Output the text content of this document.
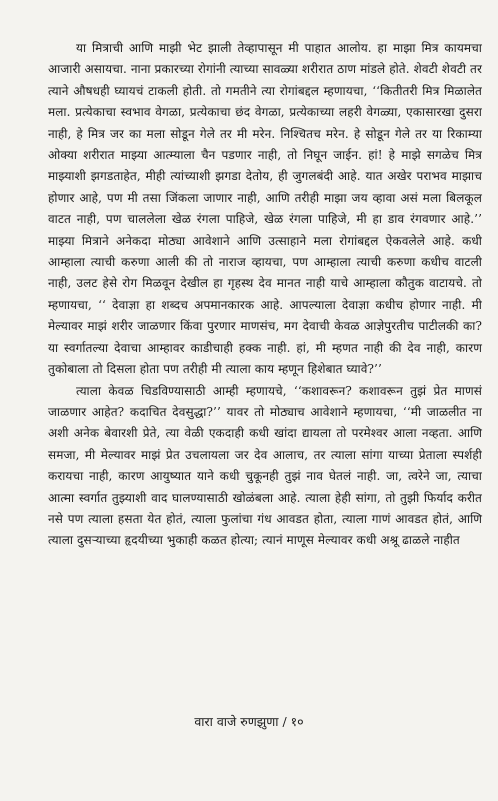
या मित्राची आणि माझी भेट झाली तेव्हापासून मी पाहात आलोय. हा माझा मित्र कायमचा आजारी असायचा. नाना प्रकारच्या रोगांनी त्याच्या सावळ्या शरीरात ठाण मांडले होते. शेवटी शेवटी तर त्याने औषधही घ्यायचं टाकली होती. तो गमतीने त्या रोगांबद्दल म्हणायचा, ‘‘कितीतरी मित्र मिळालेत मला. प्रत्येकाचा स्वभाव वेगळा, प्रत्येकाचा छंद वेगळा, प्रत्येकाच्या लहरी वेगळ्या, एकासारखा दुसरा नाही, हे मित्र जर का मला सोडून गेले तर मी मरेन. निश्चितच मरेन. हे सोडून गेले तर या रिकाम्या ओक्या शरीरात माझ्या आत्म्याला चैन पडणार नाही, तो निघून जाईन. हां! हे माझे सगळेच मित्र माझ्याशी झगडताहेत, मीही त्यांच्याशी झगडा देतोय, ही जुगलबंदी आहे. यात अखेर पराभव माझाच होणार आहे, पण मी तसा जिंकला जाणार नाही, आणि तरीही माझा जय व्हावा असं मला बिलकूल वाटत नाही, पण चाललेला खेळ रंगला पाहिजे, खेळ रंगला पाहिजे, मी हा डाव रंगवणार आहे.’’ माझ्या मित्राने अनेकदा मोठ्या आवेशाने आणि उत्साहाने मला रोगांबद्दल ऐकवलेले आहे. कधी आम्हाला त्याची करुणा आली की तो नाराज व्हायचा, पण आम्हाला त्याची करुणा कधीच वाटली नाही, उलट हेसे रोग मिळवून देखील हा गृहस्थ देव मानत नाही याचे आम्हाला कौतुक वाटायचे. तो म्हणायचा, ‘‘ देवाज्ञा हा शब्दच अपमानकारक आहे. आपल्याला देवाज्ञा कधीच होणार नाही. मी मेल्यावर माझं शरीर जाळणार किंवा पुरणार माणसंच, मग देवाची केवळ आज्ञेपुरतीच पाटीलकी का? या स्वर्गातल्या देवाचा आम्हावर काडीचाही हक्क नाही. हां, मी म्हणत नाही की देव नाही, कारण तुकोबाला तो दिसला होता पण तरीही मी त्याला काय म्हणून हिशेबात घ्यावे?’’

त्याला केवळ चिडविण्यासाठी आम्ही म्हणायचे, ‘‘कशावरून? कशावरून तुझं प्रेत माणसं जाळणार आहेत? कदाचित देवसुद्धा?’’ यावर तो मोठ्याच आवेशाने म्हणायचा, ‘‘मी जाळलीत ना अशी अनेक बेवारशी प्रेते, त्या वेळी एकदाही कधी खांदा द्यायला तो परमेश्वर आला नव्हता. आणि समजा, मी मेल्यावर माझं प्रेत उचलायला जर देव आलाच, तर त्याला सांगा याच्या प्रेताला स्पर्शही करायचा नाही, कारण आयुष्यात याने कधी चुकूनही तुझं नाव घेतलं नाही. जा, त्वरेने जा, त्याचा आत्मा स्वर्गात तुझ्याशी वाद घालण्यासाठी खोळंबला आहे. त्याला हेही सांगा, तो तुझी फिर्याद करीत नसे पण त्याला हसता येत होतं, त्याला फुलांचा गंध आवडत होता, त्याला गाणं आवडत होतं, आणि त्याला दुसऱ्याच्या हृदयीच्या भुकाही कळत होत्या; त्यानं माणूस मेल्यावर कधी अश्रू ढाळले नाहीत

वारा वाजे रुणझुणा / १०
